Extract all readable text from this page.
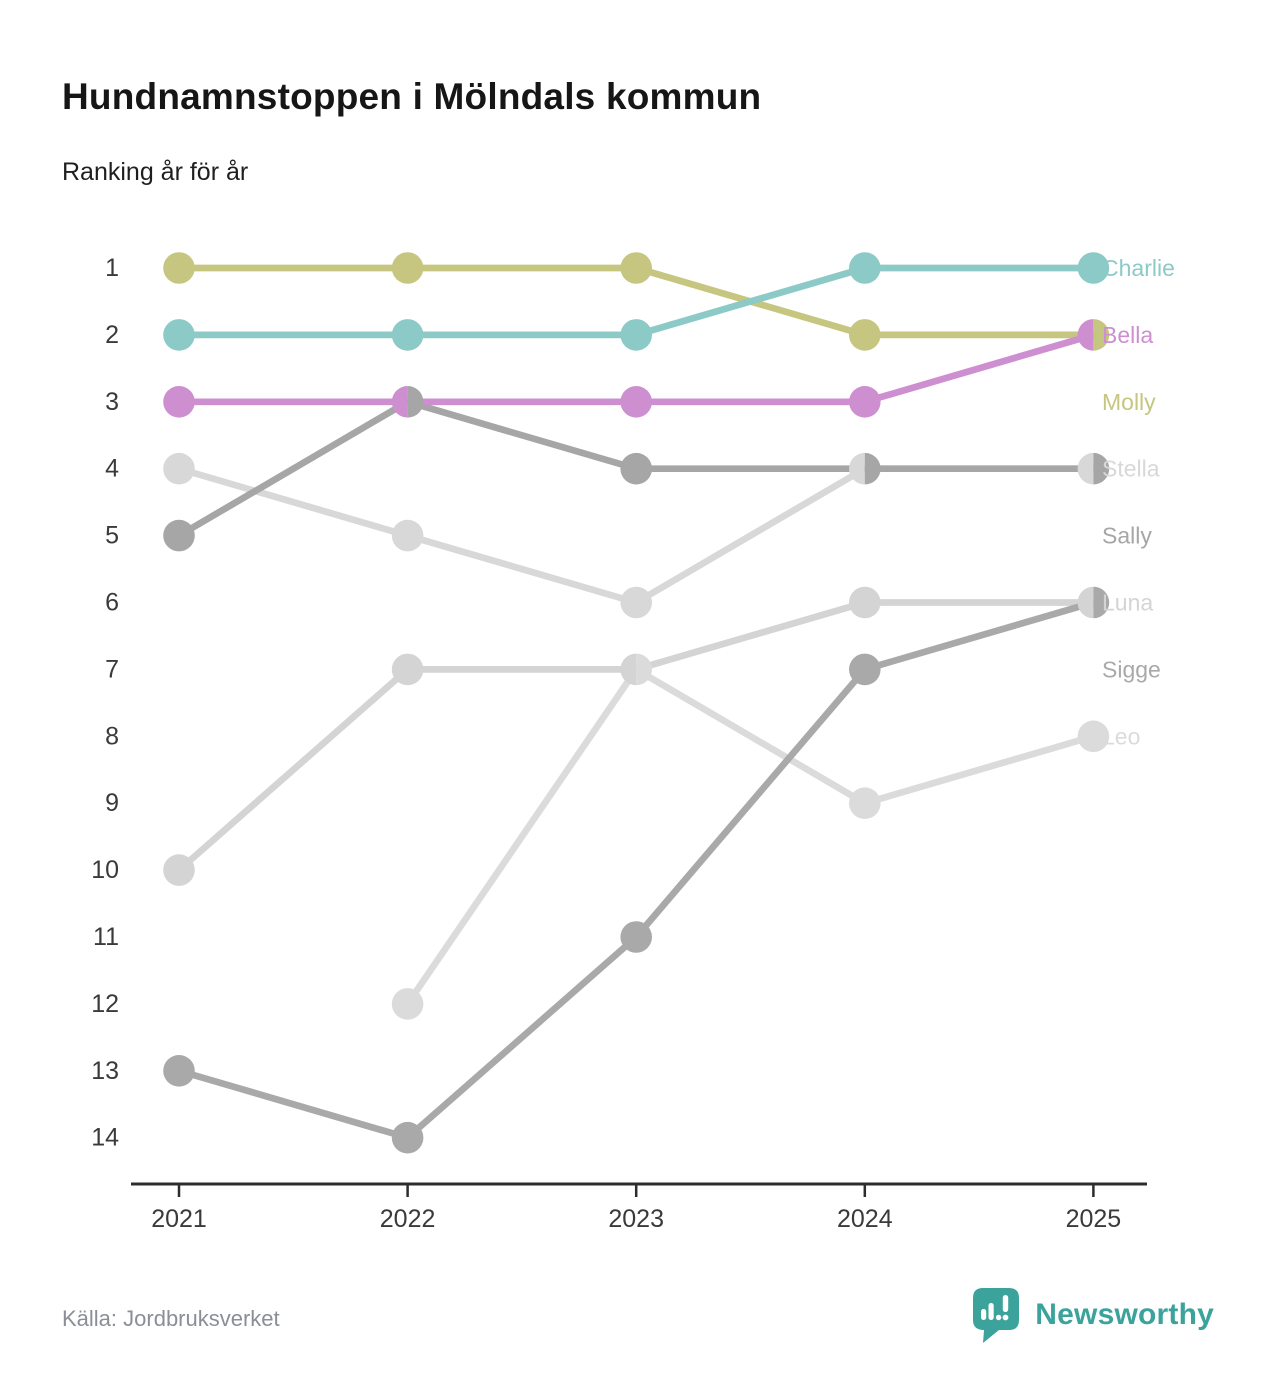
Hundnamnstoppen i Mölndals kommun
Ranking år för år
1
2
3
4
5
6
7
8
9
10
11
12
13
14
2021	2022	2023	2024	2025
Charlie
Bella
Molly
Stella
Sally
Luna
Sigge
Leo
Källa: Jordbruksverket	Newsworthy
